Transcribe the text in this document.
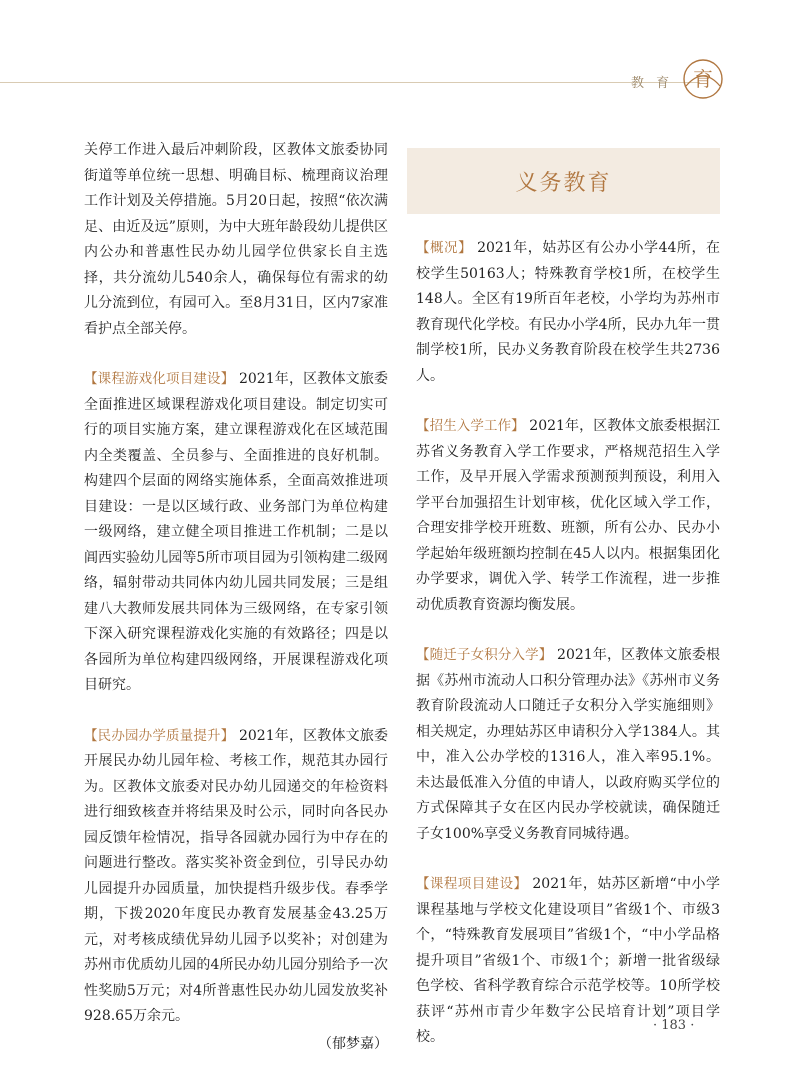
教 育 育

关停工作进入最后冲刺阶段，区教体文旅委协同街道等单位统一思想、明确目标、梳理商议治理工作计划及关停措施。5月20日起，按照“依次满足、由近及远”原则，为中大班年龄段幼儿提供区内公办和普惠性民办幼儿园学位供家长自主选择，共分流幼儿540余人，确保每位有需求的幼儿分流到位，有园可入。至8月31日，区内7家准看护点全部关停。

【课程游戏化项目建设】 2021年，区教体文旅委全面推进区域课程游戏化项目建设。制定切实可行的项目实施方案，建立课程游戏化在区域范围内全类覆盖、全员参与、全面推进的良好机制。构建四个层面的网络实施体系，全面高效推进项目建设：一是以区域行政、业务部门为单位构建一级网络，建立健全项目推进工作机制；二是以阊西实验幼儿园等5所市项目园为引领构建二级网络，辐射带动共同体内幼儿园共同发展；三是组建八大教师发展共同体为三级网络，在专家引领下深入研究课程游戏化实施的有效路径；四是以各园所为单位构建四级网络，开展课程游戏化项目研究。

【民办园办学质量提升】 2021年，区教体文旅委开展民办幼儿园年检、考核工作，规范其办园行为。区教体文旅委对民办幼儿园递交的年检资料进行细致核查并将结果及时公示，同时向各民办园反馈年检情况，指导各园就办园行为中存在的问题进行整改。落实奖补资金到位，引导民办幼儿园提升办园质量，加快提档升级步伐。春季学期，下拨2020年度民办教育发展基金43.25万元，对考核成绩优异幼儿园予以奖补；对创建为苏州市优质幼儿园的4所民办幼儿园分别给予一次性奖励5万元；对4所普惠性民办幼儿园发放奖补928.65万余元。

（郁梦嘉）
义务教育

【概况】 2021年，姑苏区有公办小学44所，在校学生50163人；特殊教育学校1所，在校学生148人。全区有19所百年老校，小学均为苏州市教育现代化学校。有民办小学4所，民办九年一贯制学校1所，民办义务教育阶段在校学生共2736人。

【招生入学工作】 2021年，区教体文旅委根据江苏省义务教育入学工作要求，严格规范招生入学工作，及早开展入学需求预测预判预设，利用入学平台加强招生计划审核，优化区域入学工作，合理安排学校开班数、班额，所有公办、民办小学起始年级班额均控制在45人以内。根据集团化办学要求，调优入学、转学工作流程，进一步推动优质教育资源均衡发展。

【随迁子女积分入学】 2021年，区教体文旅委根据《苏州市流动人口积分管理办法》《苏州市义务教育阶段流动人口随迁子女积分入学实施细则》相关规定，办理姑苏区申请积分入学1384人。其中，准入公办学校的1316人，准入率95.1%。未达最低准入分值的申请人，以政府购买学位的方式保障其子女在区内民办学校就读，确保随迁子女100%享受义务教育同城待遇。

【课程项目建设】 2021年，姑苏区新增“中小学课程基地与学校文化建设项目”省级1个、市级3个，“特殊教育发展项目”省级1个，“中小学品格提升项目”省级1个、市级1个；新增一批省级绿色学校、省科学教育综合示范学校等。10所学校获评“苏州市青少年数字公民培育计划”项目学校。

· 183 ·
